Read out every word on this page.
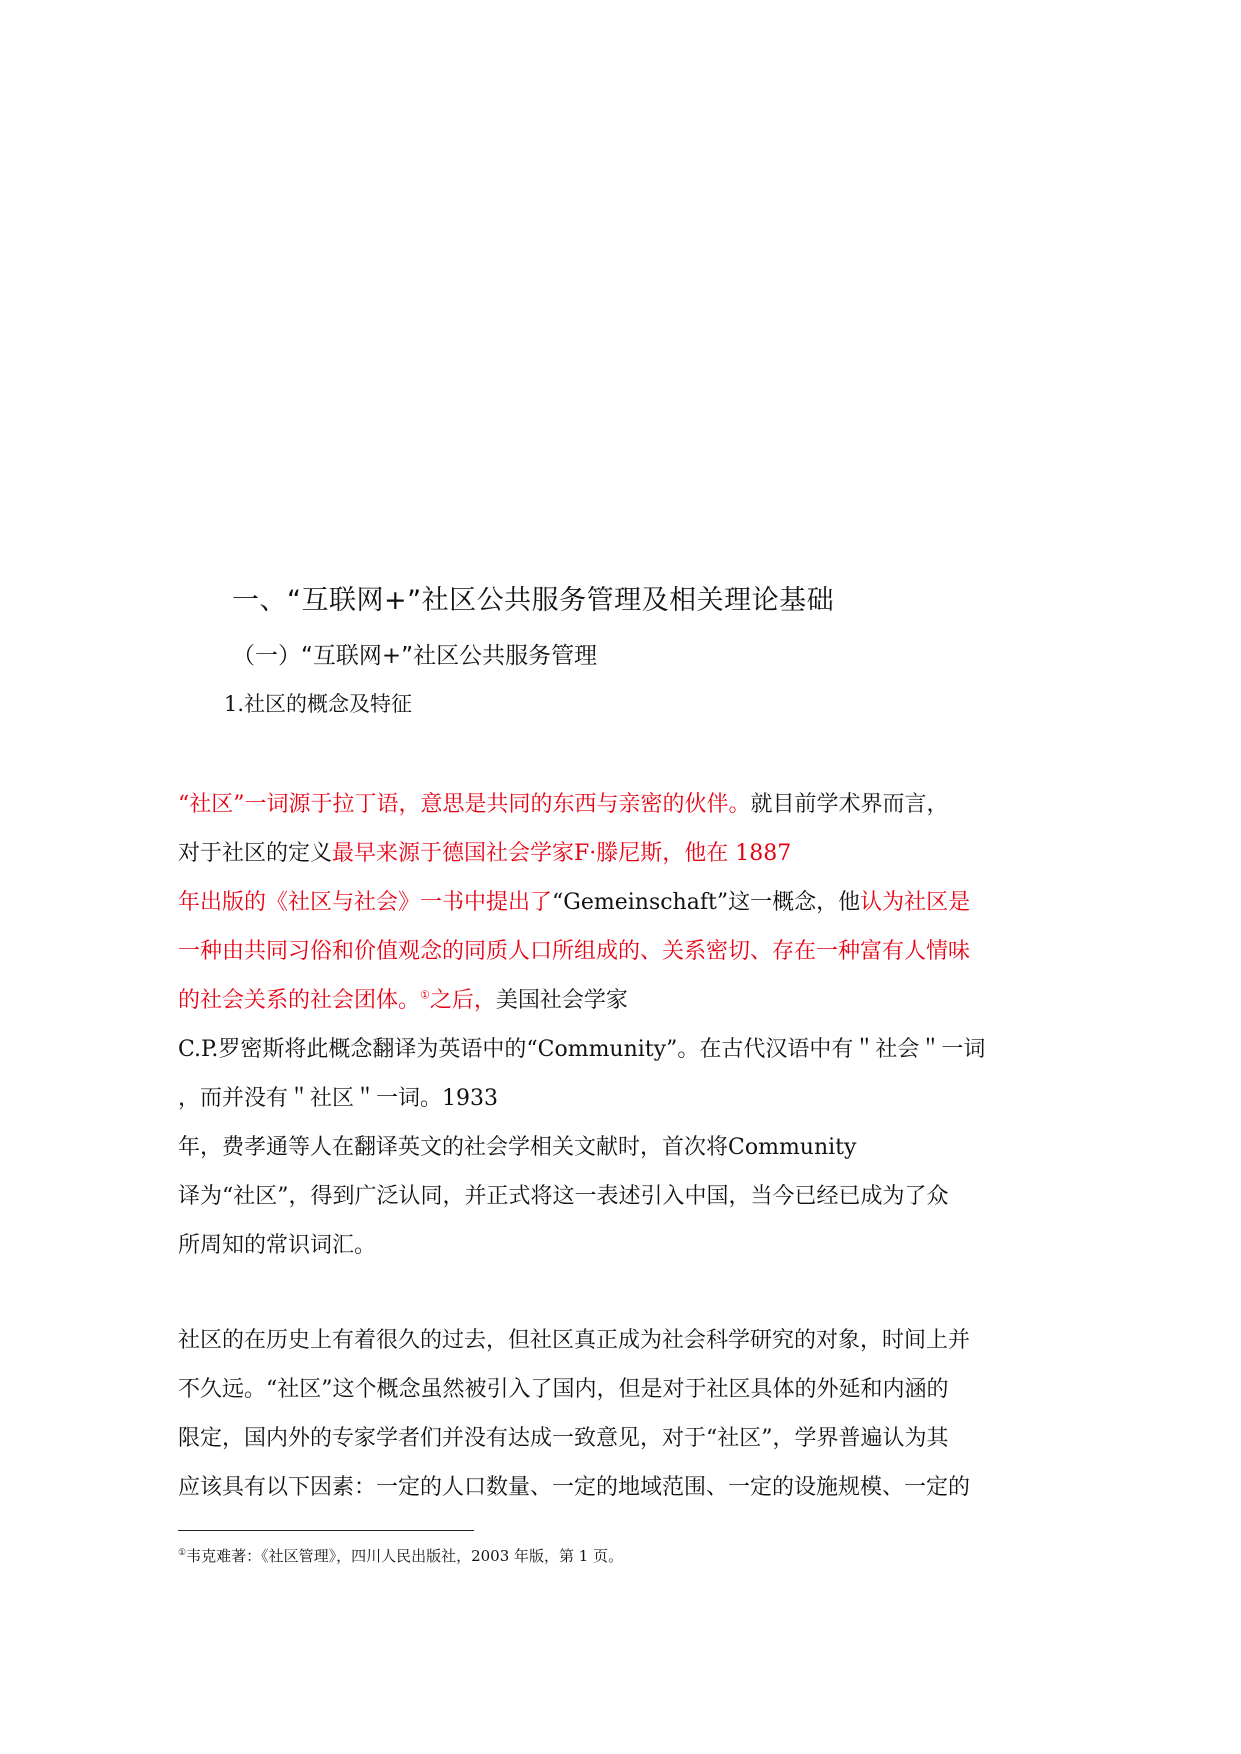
一、“互联网+”社区公共服务管理及相关理论基础
（一）“互联网+”社区公共服务管理
1.社区的概念及特征
“社区”一词源于拉丁语，意思是共同的东西与亲密的伙伴。就目前学术界而言，
对于社区的定义最早来源于德国社会学家F·滕尼斯，他在 1887
年出版的《社区与社会》一书中提出了“Gemeinschaft”这一概念，他认为社区是
一种由共同习俗和价值观念的同质人口所组成的、关系密切、存在一种富有人情味
的社会关系的社会团体。①之后，美国社会学家
C.P.罗密斯将此概念翻译为英语中的“Community”。在古代汉语中有＂社会＂一词
，而并没有＂社区＂一词。1933
年，费孝通等人在翻译英文的社会学相关文献时，首次将Community
译为“社区”，得到广泛认同，并正式将这一表述引入中国，当今已经已成为了众
所周知的常识词汇。
社区的在历史上有着很久的过去，但社区真正成为社会科学研究的对象，时间上并
不久远。“社区”这个概念虽然被引入了国内，但是对于社区具体的外延和内涵的
限定，国内外的专家学者们并没有达成一致意见，对于“社区”，学界普遍认为其
应该具有以下因素：一定的人口数量、一定的地域范围、一定的设施规模、一定的
①韦克难著：《社区管理》，四川人民出版社，2003 年版，第 1 页。
